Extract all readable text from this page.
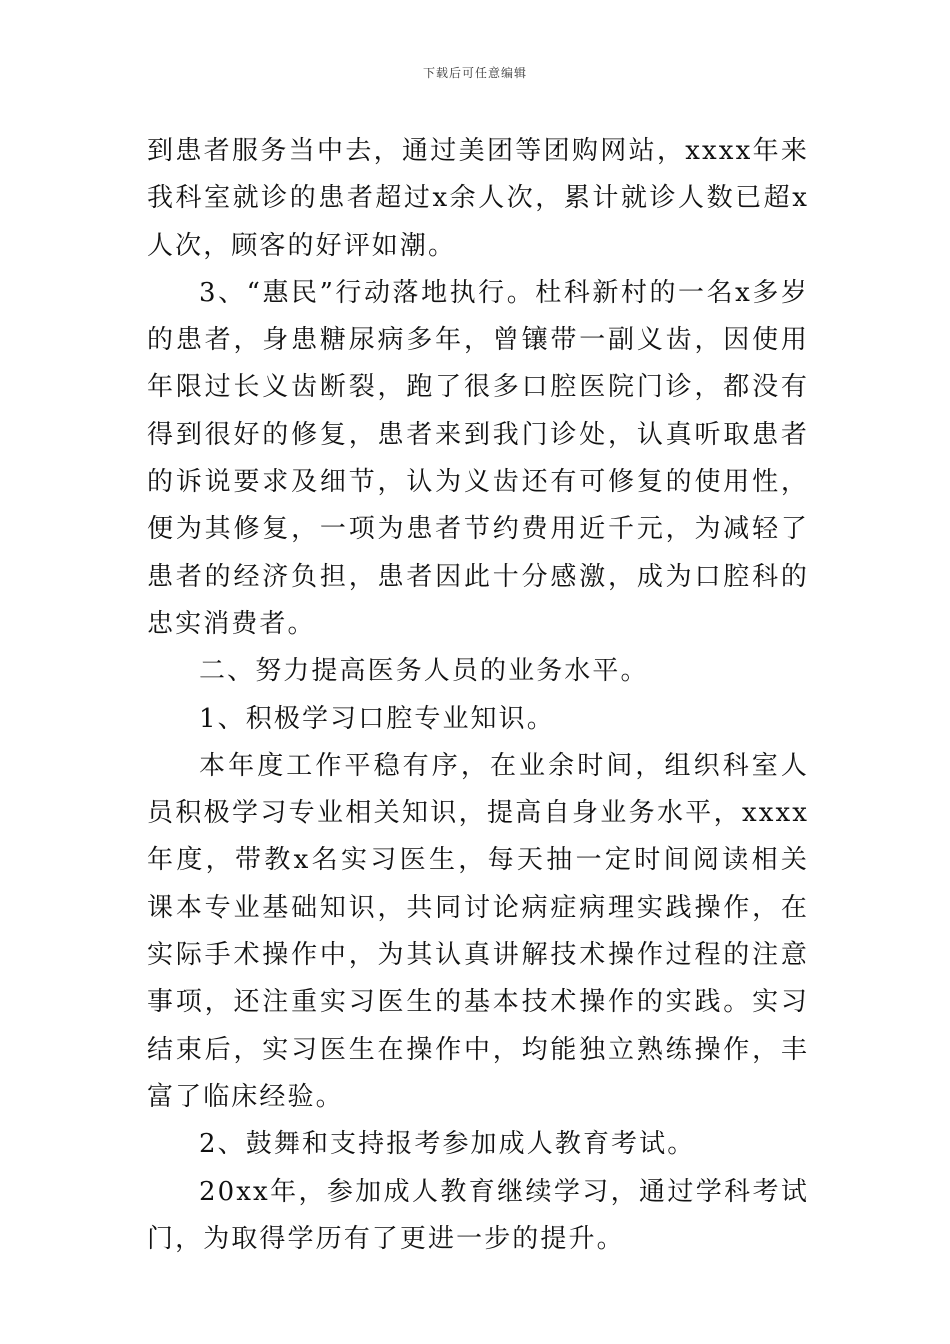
下载后可任意编辑

到患者服务当中去，通过美团等团购网站，xxxx年来我科室就诊的患者超过x余人次，累计就诊人数已超x人次，顾客的好评如潮。

3、“惠民”行动落地执行。杜科新村的一名x多岁的患者，身患糖尿病多年，曾镶带一副义齿，因使用年限过长义齿断裂，跑了很多口腔医院门诊，都没有得到很好的修复，患者来到我门诊处，认真听取患者的诉说要求及细节，认为义齿还有可修复的使用性，便为其修复，一项为患者节约费用近千元，为减轻了患者的经济负担，患者因此十分感激，成为口腔科的忠实消费者。

二、努力提高医务人员的业务水平。

1、积极学习口腔专业知识。

本年度工作平稳有序，在业余时间，组织科室人员积极学习专业相关知识，提高自身业务水平，xxxx年度，带教x名实习医生，每天抽一定时间阅读相关课本专业基础知识，共同讨论病症病理实践操作，在实际手术操作中，为其认真讲解技术操作过程的注意事项，还注重实习医生的基本技术操作的实践。实习结束后，实习医生在操作中，均能独立熟练操作，丰富了临床经验。

2、鼓舞和支持报考参加成人教育考试。

20xx年，参加成人教育继续学习，通过学科考试门，为取得学历有了更进一步的提升。
